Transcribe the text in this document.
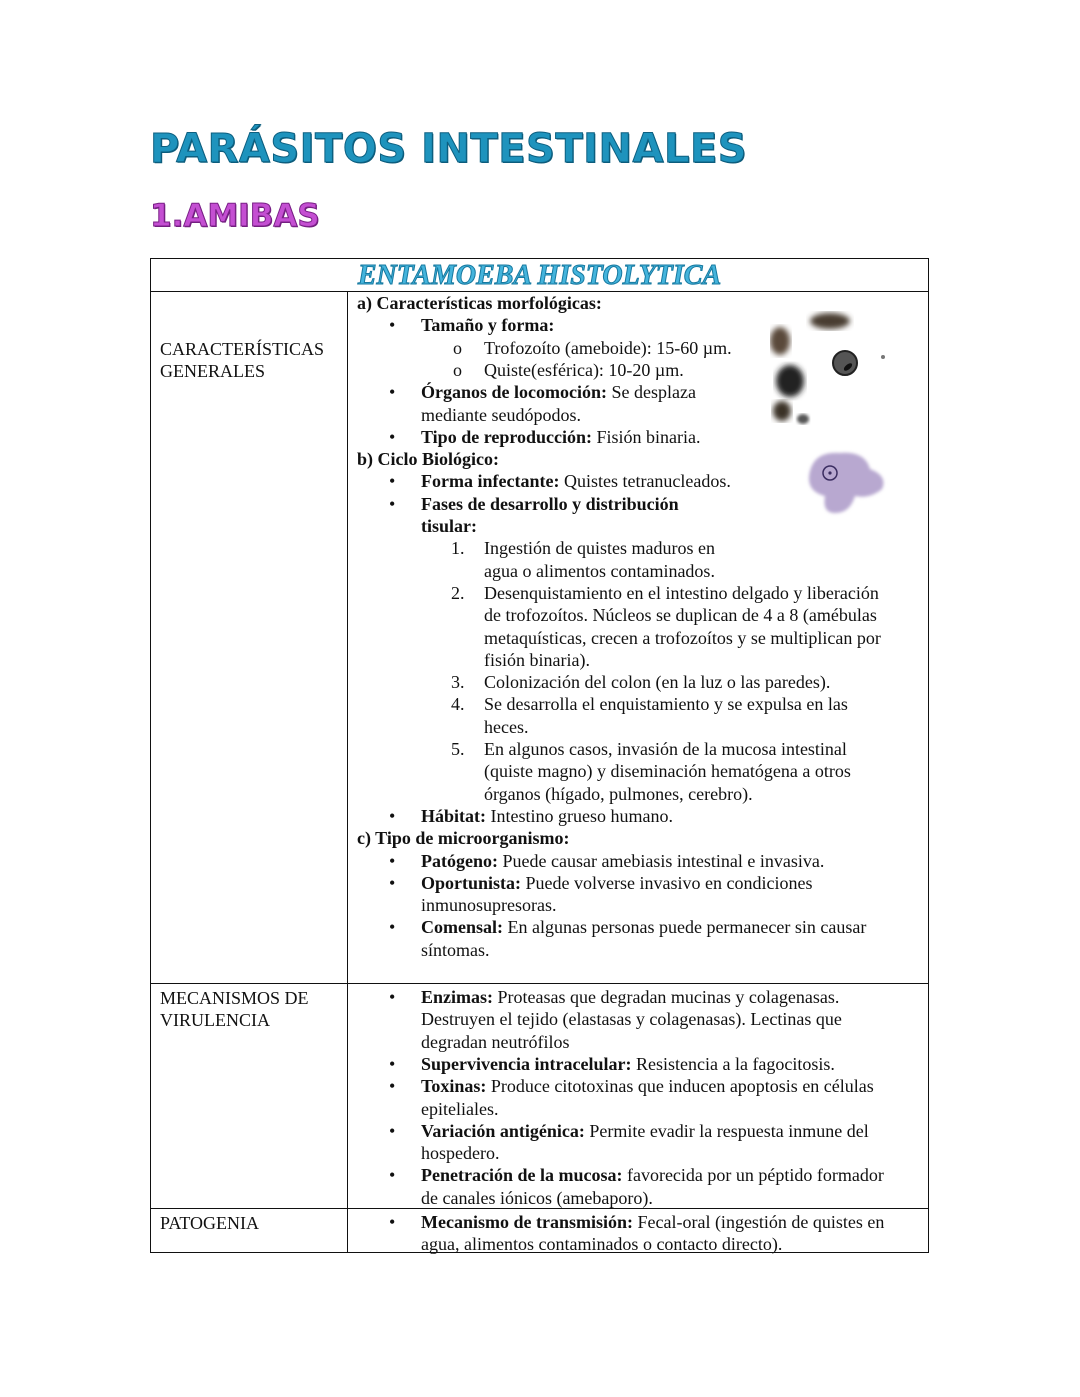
PARÁSITOS INTESTINALES
1.AMIBAS
ENTAMOEBA HISTOLYTICA
CARACTERÍSTICAS
GENERALES
a) Características morfológicas:
• Tamaño y forma:
o Trofozoíto (ameboide): 15-60 µm.
o Quiste(esférica): 10-20 µm.
• Órganos de locomoción: Se desplaza
mediante seudópodos.
• Tipo de reproducción: Fisión binaria.
b) Ciclo Biológico:
• Forma infectante: Quistes tetranucleados.
• Fases de desarrollo y distribución
tisular:
1. Ingestión de quistes maduros en
agua o alimentos contaminados.
2. Desenquistamiento en el intestino delgado y liberación
de trofozoítos. Núcleos se duplican de 4 a 8 (amébulas
metaquísticas, crecen a trofozoítos y se multiplican por
fisión binaria).
3. Colonización del colon (en la luz o las paredes).
4. Se desarrolla el enquistamiento y se expulsa en las
heces.
5. En algunos casos, invasión de la mucosa intestinal
(quiste magno) y diseminación hematógena a otros
órganos (hígado, pulmones, cerebro).
• Hábitat: Intestino grueso humano.
c) Tipo de microorganismo:
• Patógeno: Puede causar amebiasis intestinal e invasiva.
• Oportunista: Puede volverse invasivo en condiciones
inmunosupresoras.
• Comensal: En algunas personas puede permanecer sin causar
síntomas.
MECANISMOS DE
VIRULENCIA
• Enzimas: Proteasas que degradan mucinas y colagenasas.
Destruyen el tejido (elastasas y colagenasas). Lectinas que
degradan neutrófilos
• Supervivencia intracelular: Resistencia a la fagocitosis.
• Toxinas: Produce citotoxinas que inducen apoptosis en células
epiteliales.
• Variación antigénica: Permite evadir la respuesta inmune del
hospedero.
• Penetración de la mucosa: favorecida por un péptido formador
de canales iónicos (amebaporo).
PATOGENIA	• Mecanismo de transmisión: Fecal-oral (ingestión de quistes en
agua, alimentos contaminados o contacto directo).
